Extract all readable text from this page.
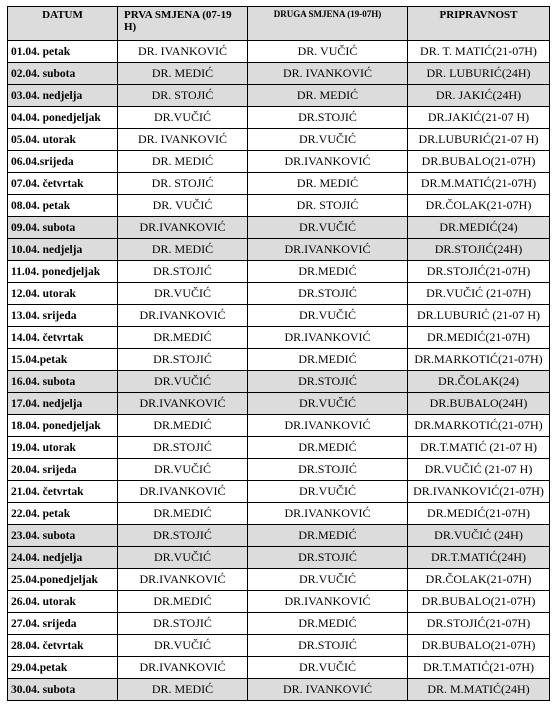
DATUM	PRVA SMJENA (07-19 H)	DRUGA SMJENA (19-07H)	PRIPRAVNOST
01.04. petak	DR. IVANKOVIĆ	DR. VUČIĆ	DR. T. MATIĆ(21-07H)
02.04. subota	DR. MEDIĆ	DR. IVANKOVIĆ	DR. LUBURIĆ(24H)
03.04. nedjelja	DR. STOJIĆ	DR. MEDIĆ	DR. JAKIĆ(24H)
04.04. ponedjeljak	DR.VUČIĆ	DR.STOJIĆ	DR.JAKIĆ(21-07 H)
05.04. utorak	DR. IVANKOVIĆ	DR.VUČIĆ	DR.LUBURIĆ(21-07 H)
06.04.srijeda	DR. MEDIĆ	DR.IVANKOVIĆ	DR.BUBALO(21-07H)
07.04. četvrtak	DR. STOJIĆ	DR. MEDIĆ	DR.M.MATIĆ(21-07H)
08.04. petak	DR. VUČIĆ	DR. STOJIĆ	DR.ČOLAK(21-07H)
09.04. subota	DR.IVANKOVIĆ	DR.VUČIĆ	DR.MEDIĆ(24)
10.04. nedjelja	DR. MEDIĆ	DR.IVANKOVIĆ	DR.STOJIĆ(24H)
11.04. ponedjeljak	DR.STOJIĆ	DR.MEDIĆ	DR.STOJIĆ(21-07H)
12.04. utorak	DR.VUČIĆ	DR.STOJIĆ	DR.VUČIĆ (21-07H)
13.04. srijeda	DR.IVANKOVIĆ	DR.VUČIĆ	DR.LUBURIĆ (21-07 H)
14.04. četvrtak	DR.MEDIĆ	DR.IVANKOVIĆ	DR.MEDIĆ(21-07H)
15.04.petak	DR.STOJIĆ	DR.MEDIĆ	DR.MARKOTIĆ(21-07H)
16.04. subota	DR.VUČIĆ	DR.STOJIĆ	DR.ČOLAK(24)
17.04. nedjelja	DR.IVANKOVIĆ	DR.VUČIĆ	DR.BUBALO(24H)
18.04. ponedjeljak	DR.MEDIĆ	DR.IVANKOVIĆ	DR.MARKOTIĆ(21-07H)
19.04. utorak	DR.STOJIĆ	DR.MEDIĆ	DR.T.MATIĆ (21-07 H)
20.04. srijeda	DR.VUČIĆ	DR.STOJIĆ	DR.VUČIĆ (21-07 H)
21.04. četvrtak	DR.IVANKOVIĆ	DR.VUČIĆ	DR.IVANKOVIĆ(21-07H)
22.04. petak	DR.MEDIĆ	DR.IVANKOVIĆ	DR.MEDIĆ(21-07H)
23.04. subota	DR.STOJIĆ	DR.MEDIĆ	DR.VUČIĆ (24H)
24.04. nedjelja	DR.VUČIĆ	DR.STOJIĆ	DR.T.MATIĆ(24H)
25.04.ponedjeljak	DR.IVANKOVIĆ	DR.VUČIĆ	DR.ČOLAK(21-07H)
26.04. utorak	DR.MEDIĆ	DR.IVANKOVIĆ	DR.BUBALO(21-07H)
27.04. srijeda	DR.STOJIĆ	DR.MEDIĆ	DR.STOJIĆ(21-07H)
28.04. četvrtak	DR.VUČIĆ	DR.STOJIĆ	DR.BUBALO(21-07H)
29.04.petak	DR.IVANKOVIĆ	DR.VUČIĆ	DR.T.MATIĆ(21-07H)
30.04. subota	DR. MEDIĆ	DR. IVANKOVIĆ	DR. M.MATIĆ(24H)
